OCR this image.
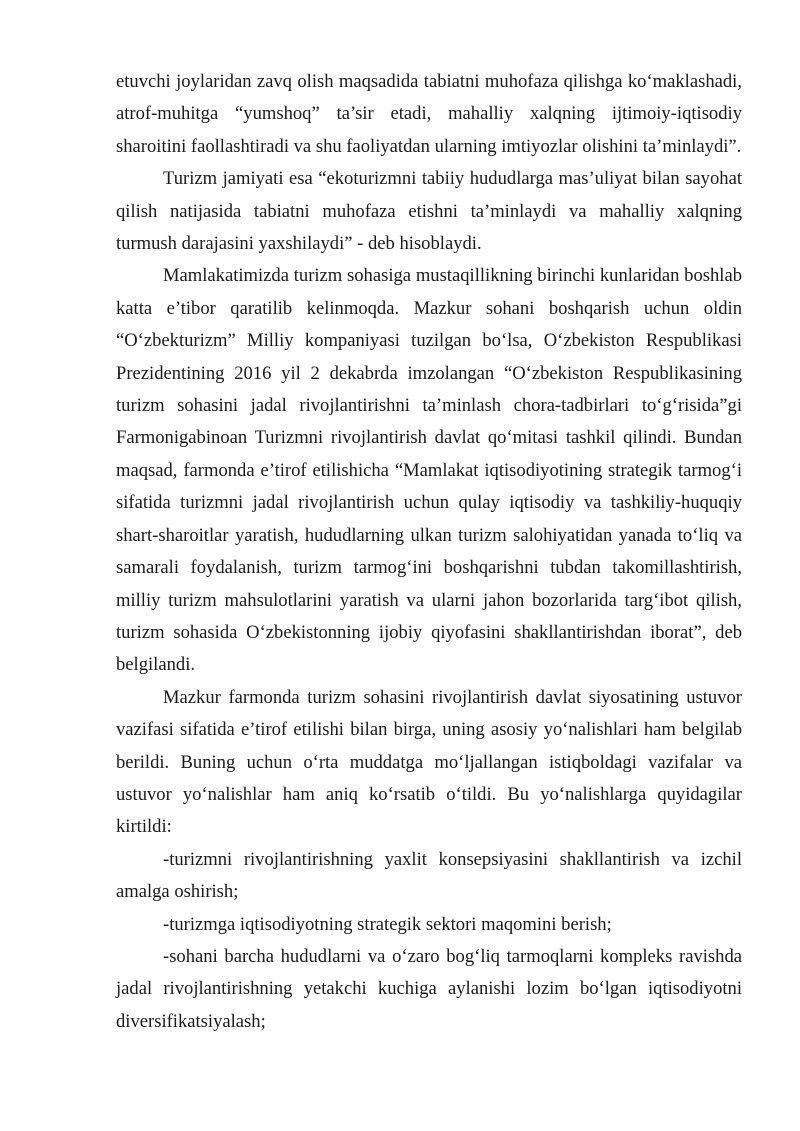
etuvchi joylaridan zavq olish maqsadida tabiatni muhofaza qilishga ko‘maklashadi, atrof-muhitga “yumshoq” ta’sir etadi, mahalliy xalqning ijtimoiy-iqtisodiy sharoitini faollashtiradi va shu faoliyatdan ularning imtiyozlar olishini ta’minlaydi”.

Turizm jamiyati esa “ekoturizmni tabiiy hududlarga mas’uliyat bilan sayohat qilish natijasida tabiatni muhofaza etishni ta’minlaydi va mahalliy xalqning turmush darajasini yaxshilaydi” - deb hisoblaydi.

Mamlakatimizda turizm sohasiga mustaqillikning birinchi kunlaridan boshlab katta e’tibor qaratilib kelinmoqda. Mazkur sohani boshqarish uchun oldin “O‘zbekturizm” Milliy kompaniyasi tuzilgan bo‘lsa, O‘zbekiston Respublikasi Prezidentining 2016 yil 2 dekabrda imzolangan “O‘zbekiston Respublikasining turizm sohasini jadal rivojlantirishni ta’minlash chora-tadbirlari to‘g‘risida”gi Farmonigabinoan Turizmni rivojlantirish davlat qo‘mitasi tashkil qilindi. Bundan maqsad, farmonda e’tirof etilishicha “Mamlakat iqtisodiyotining strategik tarmog‘i sifatida turizmni jadal rivojlantirish uchun qulay iqtisodiy va tashkiliy-huquqiy shart-sharoitlar yaratish, hududlarning ulkan turizm salohiyatidan yanada to‘liq va samarali foydalanish, turizm tarmog‘ini boshqarishni tubdan takomillashtirish, milliy turizm mahsulotlarini yaratish va ularni jahon bozorlarida targ‘ibot qilish, turizm sohasida O‘zbekistonning ijobiy qiyofasini shakllantirishdan iborat”, deb belgilandi.

Mazkur farmonda turizm sohasini rivojlantirish davlat siyosatining ustuvor vazifasi sifatida e’tirof etilishi bilan birga, uning asosiy yo‘nalishlari ham belgilab berildi. Buning uchun o‘rta muddatga mo‘ljallangan istiqboldagi vazifalar va ustuvor yo‘nalishlar ham aniq ko‘rsatib o‘tildi. Bu yo‘nalishlarga quyidagilar kirtildi:

-turizmni rivojlantirishning yaxlit konsepsiyasini shakllantirish va izchil amalga oshirish;

-turizmga iqtisodiyotning strategik sektori maqomini berish;

-sohani barcha hududlarni va o‘zaro bog‘liq tarmoqlarni kompleks ravishda jadal rivojlantirishning yetakchi kuchiga aylanishi lozim bo‘lgan iqtisodiyotni diversifikatsiyalash;
